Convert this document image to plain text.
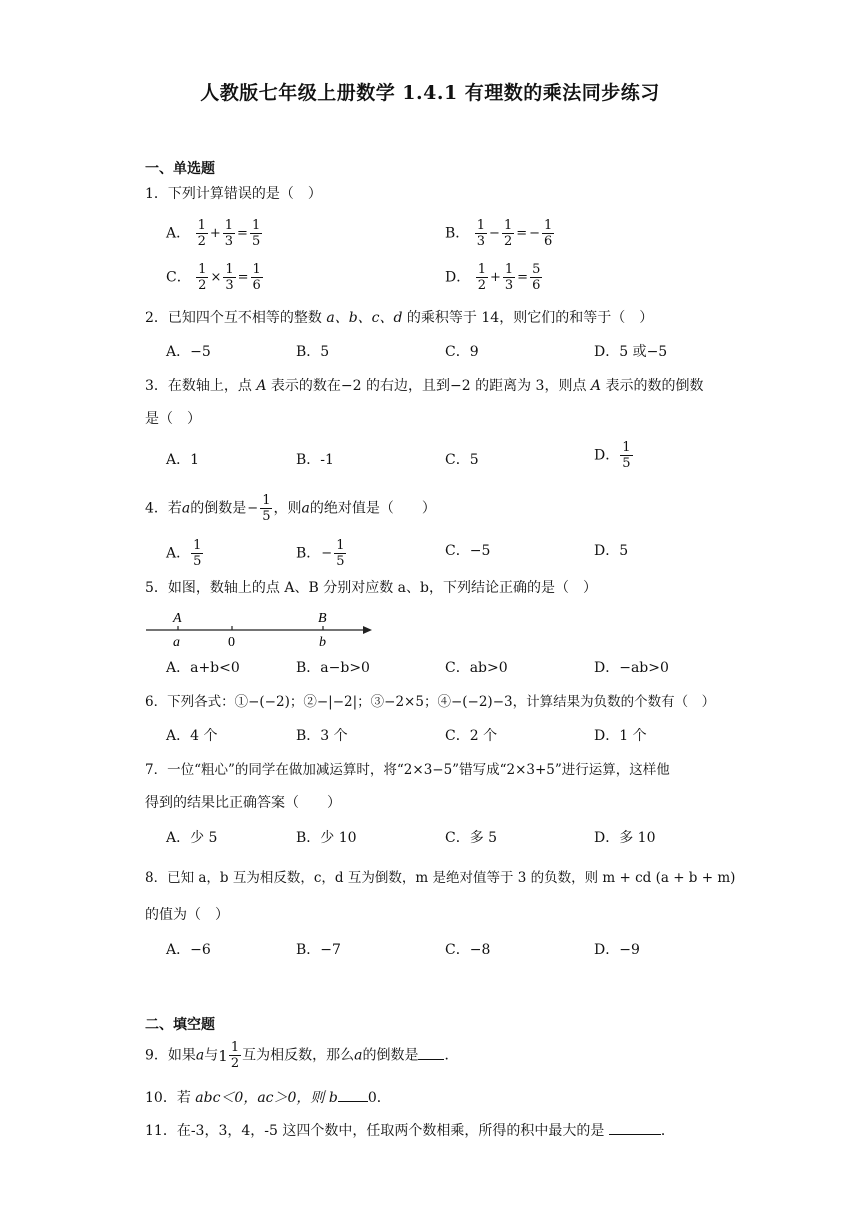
人教版七年级上册数学 1.4.1 有理数的乘法同步练习
一、单选题
1．下列计算错误的是（　）
A． $\frac{1}{2} + \frac{1}{3} = \frac{1}{5}$	B． $\frac{1}{3} - \frac{1}{2}$ = − $\frac{1}{6}$
C． $\frac{1}{2} \times \frac{1}{3} = \frac{1}{6}$	D． $\frac{1}{2} + \frac{1}{3} = \frac{5}{6}$
2．已知四个互不相等的整数 a、b、c、d 的乘积等于 14，则它们的和等于（　）
A．−5	B．5	C．9	D．5 或−5
3．在数轴上，点 A 表示的数在−2 的右边，且到−2 的距离为 3，则点 A 表示的数的倒数
是（　）
A．1	B．-1	C．5	D． $\frac{1}{5}$
4．若a的倒数是− $\frac{1}{5}$ ，则a的绝对值是（　　）
A． $\frac{1}{5}$	B．− $\frac{1}{5}$	C．−5	D．5
5．如图，数轴上的点 A、B 分别对应数 a、b，下列结论正确的是（　）
A
a	0
B
b
A．a+b<0	B．a−b>0	C．ab>0	D．−ab>0
6．下列各式：①−(−2)；②−|−2|；③−2×5；④−(−2)−3，计算结果为负数的个数有（　）
A．4 个	B．3 个	C．2 个	D．1 个
7．一位“粗心”的同学在做加减运算时，将“2×3−5”错写成“2×3+5”进行运算，这样他
得到的结果比正确答案（　　）
A．少 5	B．少 10	C．多 5	D．多 10
8．已知 a，b 互为相反数，c，d 互为倒数，m 是绝对值等于 3 的负数，则 m + cd (a + b + m)
的值为（　）
A．−6	B．−7	C．−8	D．−9
二、填空题
9．如果a与 $1 \frac{1}{2}$ 互为相反数，那么a的倒数是 ．
10．若 abc＜0，ac＞0，则 b 0．
11．在-3，3，4，-5 这四个数中，任取两个数相乘，所得的积中最大的是	．
